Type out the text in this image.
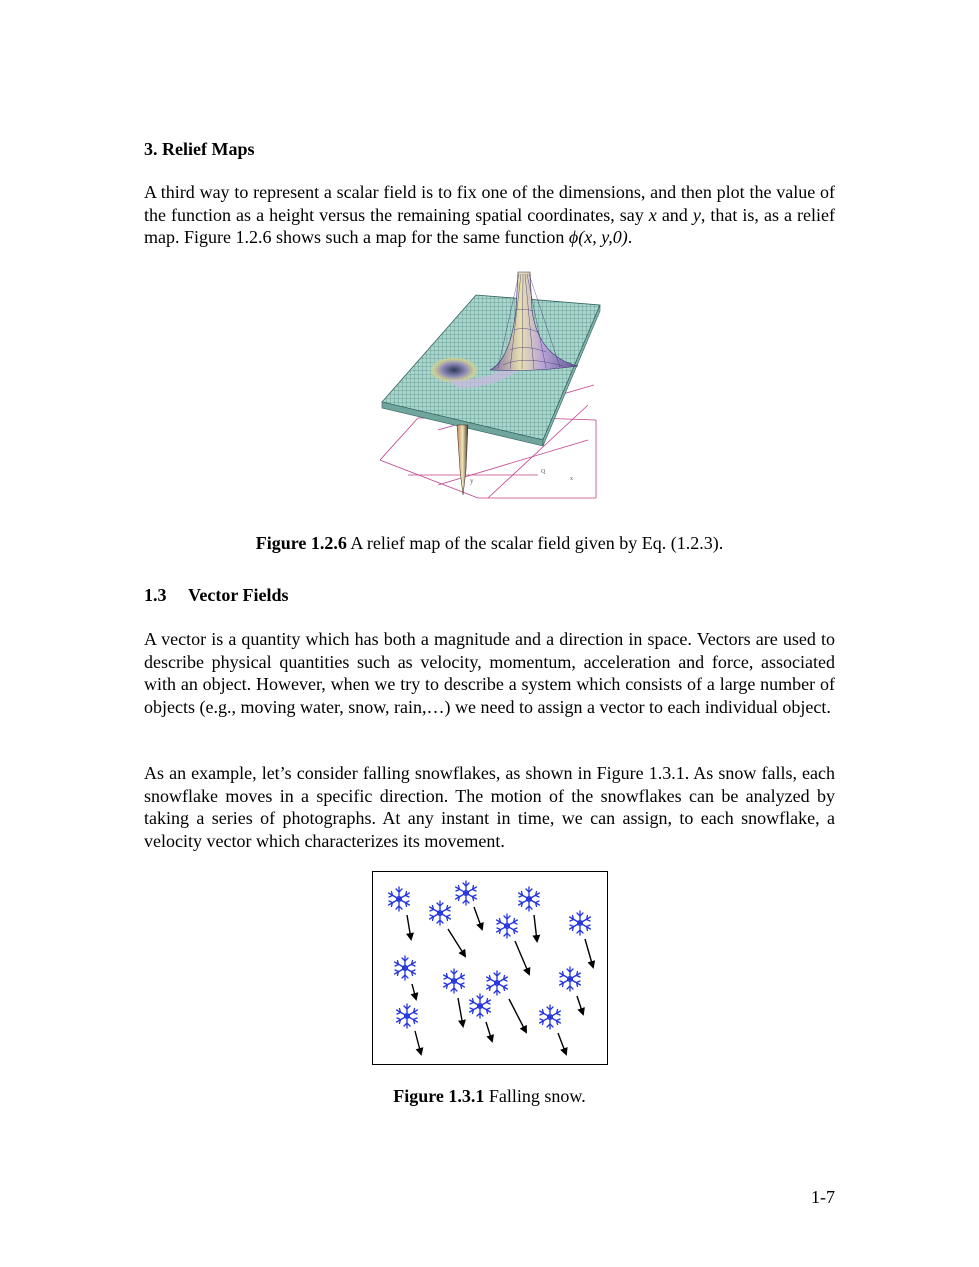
3. Relief Maps

A third way to represent a scalar field is to fix one of the dimensions, and then plot the value of the function as a height versus the remaining spatial coordinates, say x and y, that is, as a relief map. Figure 1.2.6 shows such a map for the same function ϕ(x, y,0).

y	x
Q
Figure 1.2.6 A relief map of the scalar field given by Eq. (1.2.3).
1.3 Vector Fields

A vector is a quantity which has both a magnitude and a direction in space. Vectors are used to describe physical quantities such as velocity, momentum, acceleration and force, associated with an object. However, when we try to describe a system which consists of a large number of objects (e.g., moving water, snow, rain,…) we need to assign a vector to each individual object.

As an example, let’s consider falling snowflakes, as shown in Figure 1.3.1. As snow falls, each snowflake moves in a specific direction. The motion of the snowflakes can be analyzed by taking a series of photographs. At any instant in time, we can assign, to each snowflake, a velocity vector which characterizes its movement.

Figure 1.3.1 Falling snow.
1-7
